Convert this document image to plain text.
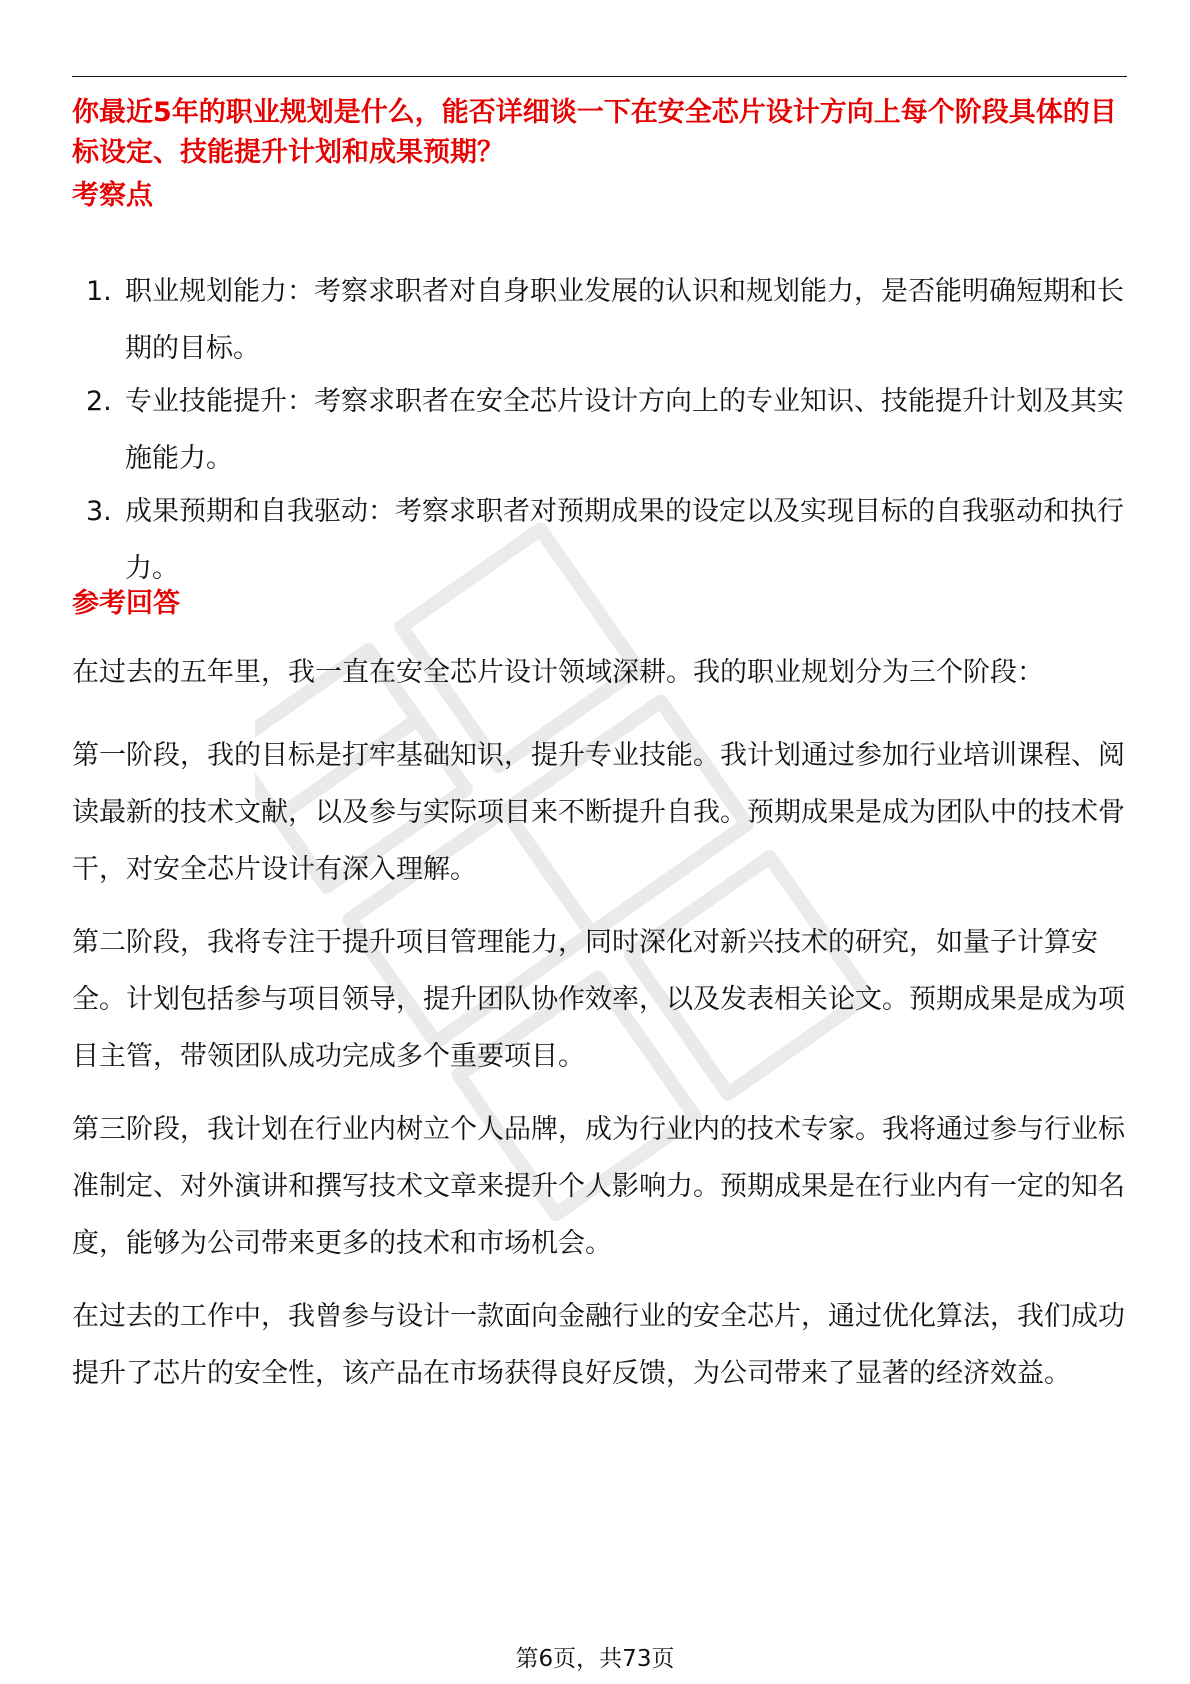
你最近5年的职业规划是什么，能否详细谈一下在安全芯片设计方向上每个阶段具体的目标设定、技能提升计划和成果预期？

考察点
1. 职业规划能力：考察求职者对自身职业发展的认识和规划能力，是否能明确短期和长期的目标。
2. 专业技能提升：考察求职者在安全芯片设计方向上的专业知识、技能提升计划及其实施能力。
3. 成果预期和自我驱动：考察求职者对预期成果的设定以及实现目标的自我驱动和执行力。
参考回答

在过去的五年里，我一直在安全芯片设计领域深耕。我的职业规划分为三个阶段：

第一阶段，我的目标是打牢基础知识，提升专业技能。我计划通过参加行业培训课程、阅读最新的技术文献，以及参与实际项目来不断提升自我。预期成果是成为团队中的技术骨干，对安全芯片设计有深入理解。

第二阶段，我将专注于提升项目管理能力，同时深化对新兴技术的研究，如量子计算安全。计划包括参与项目领导，提升团队协作效率，以及发表相关论文。预期成果是成为项目主管，带领团队成功完成多个重要项目。

第三阶段，我计划在行业内树立个人品牌，成为行业内的技术专家。我将通过参与行业标准制定、对外演讲和撰写技术文章来提升个人影响力。预期成果是在行业内有一定的知名度，能够为公司带来更多的技术和市场机会。

在过去的工作中，我曾参与设计一款面向金融行业的安全芯片，通过优化算法，我们成功提升了芯片的安全性，该产品在市场获得良好反馈，为公司带来了显著的经济效益。

第6页，共73页
